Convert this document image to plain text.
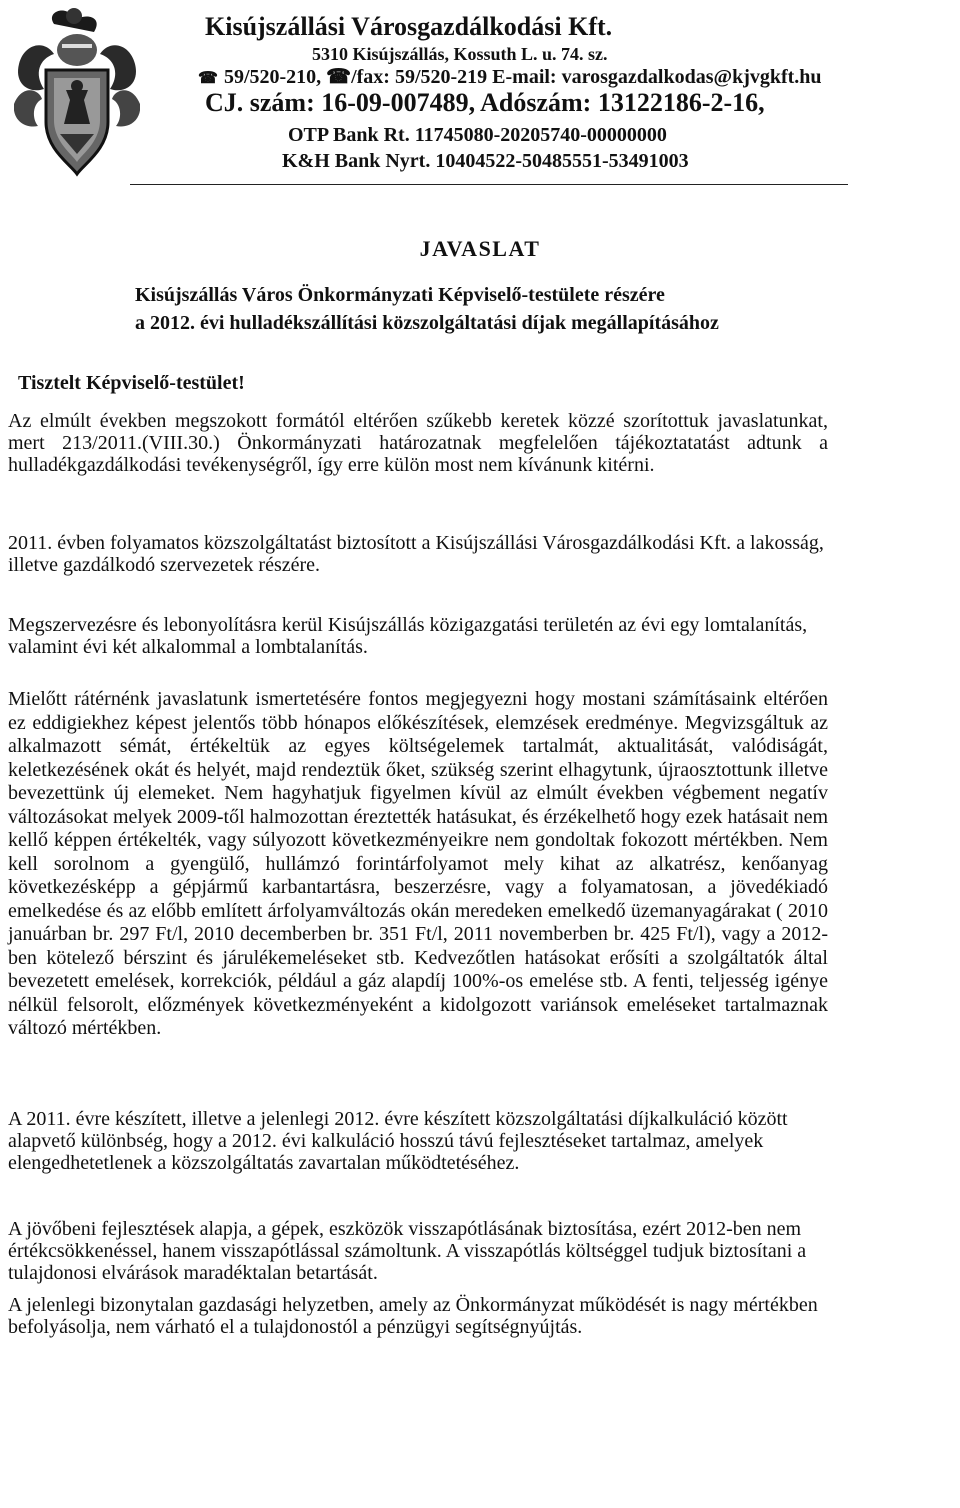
Kisújszállási Városgazdálkodási Kft.
5310 Kisújszállás, Kossuth L. u. 74. sz.
☎ 59/520-210, ☎/fax: 59/520-219 E-mail: varosgazdalkodas@kjvgkft.hu
CJ. szám: 16-09-007489, Adószám: 13122186-2-16,
OTP Bank Rt. 11745080-20205740-00000000
K&H Bank Nyrt. 10404522-50485551-53491003
JAVASLAT
Kisújszállás Város Önkormányzati Képviselő-testülete részére
a 2012. évi hulladékszállítási közszolgáltatási díjak megállapításához
Tisztelt Képviselő-testület!
Az elmúlt években megszokott formától eltérően szűkebb keretek közzé szorítottuk javaslatunkat, mert 213/2011.(VIII.30.) Önkormányzati határozatnak megfelelően tájékoztatatást adtunk a hulladékgazdálkodási tevékenységről, így erre külön most nem kívánunk kitérni.
2011. évben folyamatos közszolgáltatást biztosított a Kisújszállási Városgazdálkodási Kft. a lakosság, illetve gazdálkodó szervezetek részére.
Megszervezésre és lebonyolításra kerül Kisújszállás közigazgatási területén az évi egy lomtalanítás, valamint évi két alkalommal a lombtalanítás.
Mielőtt rátérnénk javaslatunk ismertetésére fontos megjegyezni hogy mostani számításaink eltérően ez eddigiekhez képest jelentős több hónapos előkészítések, elemzések eredménye. Megvizsgáltuk az alkalmazott sémát, értékeltük az egyes költségelemek tartalmát, aktualitását, valódiságát, keletkezésének okát és helyét, majd rendeztük őket, szükség szerint elhagytunk, újraosztottunk illetve bevezettünk új elemeket. Nem hagyhatjuk figyelmen kívül az elmúlt években végbement negatív változásokat melyek 2009-től halmozottan éreztették hatásukat, és érzékelhető hogy ezek hatásait nem kellő képpen értékelték, vagy súlyozott következményeikre nem gondoltak fokozott mértékben. Nem kell sorolnom a gyengülő, hullámzó forintárfolyamot mely kihat az alkatrész, kenőanyag következésképp a gépjármű karbantartásra, beszerzésre, vagy a folyamatosan, a jövedékiadó emelkedése és az előbb említett árfolyamváltozás okán meredeken emelkedő üzemanyagárakat ( 2010 januárban br. 297 Ft/l, 2010 decemberben br. 351 Ft/l, 2011 novemberben br. 425 Ft/l), vagy a 2012-ben kötelező bérszint és járulékemeléseket stb. Kedvezőtlen hatásokat erősíti a szolgáltatók által bevezetett emelések, korrekciók, például a gáz alapdíj 100%-os emelése stb. A fenti, teljesség igénye nélkül felsorolt, előzmények következményeként a kidolgozott variánsok emeléseket tartalmaznak változó mértékben.
A 2011. évre készített, illetve a jelenlegi 2012. évre készített közszolgáltatási díjkalkuláció között alapvető különbség, hogy a 2012. évi kalkuláció hosszú távú fejlesztéseket tartalmaz, amelyek elengedhetetlenek a közszolgáltatás zavartalan működtetéséhez.
A jövőbeni fejlesztések alapja, a gépek, eszközök visszapótlásának biztosítása, ezért 2012-ben nem értékcsökkenéssel, hanem visszapótlással számoltunk. A visszapótlás költséggel tudjuk biztosítani a tulajdonosi elvárások maradéktalan betartását.
A jelenlegi bizonytalan gazdasági helyzetben, amely az Önkormányzat működését is nagy mértékben befolyásolja, nem várható el a tulajdonostól a pénzügyi segítségnyújtás.
